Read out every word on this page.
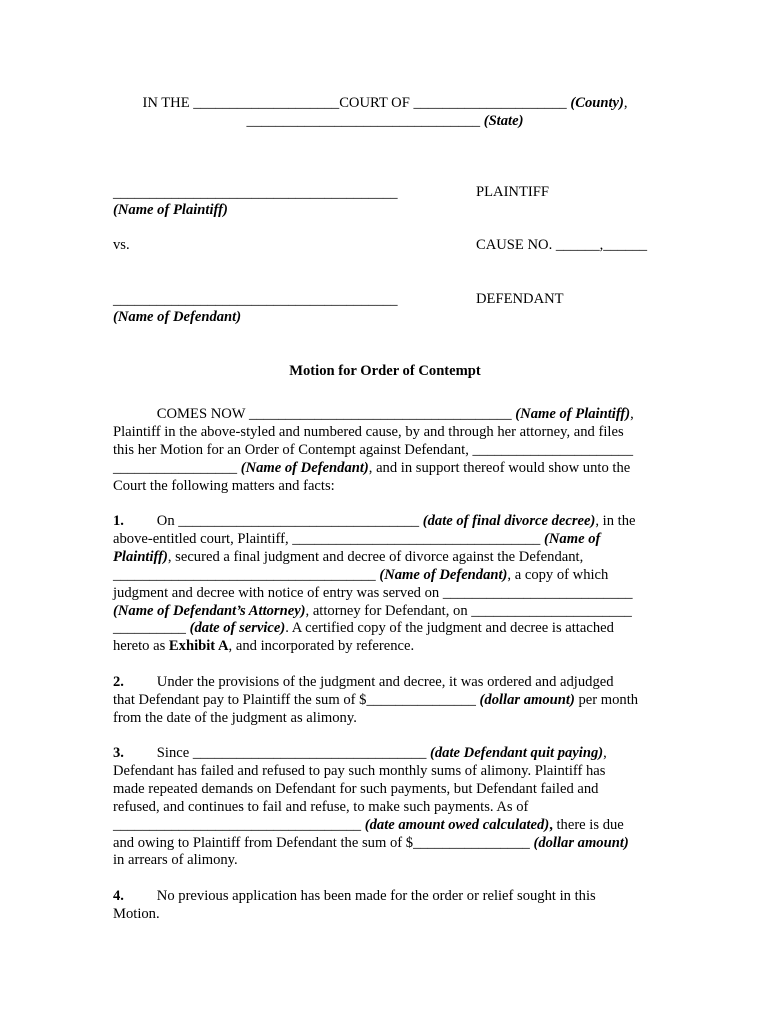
IN THE ____________________COURT OF _____________________ (County),
________________________________ (State)
_______________________________________	PLAINTIFF
(Name of Plaintiff)
vs.	CAUSE NO. ______,______
_______________________________________	DEFENDANT
(Name of Defendant)
Motion for Order of Contempt
COMES NOW ____________________________________ (Name of Plaintiff),
Plaintiff in the above-styled and numbered cause, by and through her attorney, and files
this her Motion for an Order of Contempt against Defendant, ______________________
_________________ (Name of Defendant), and in support thereof would show unto the
Court the following matters and facts:
1.         On _________________________________ (date of final divorce decree), in the
above-entitled court, Plaintiff, __________________________________ (Name of
Plaintiff), secured a final judgment and decree of divorce against the Defendant,
____________________________________ (Name of Defendant), a copy of which
judgment and decree with notice of entry was served on __________________________
(Name of Defendant’s Attorney), attorney for Defendant, on ______________________
__________ (date of service). A certified copy of the judgment and decree is attached
hereto as Exhibit A, and incorporated by reference.
2.         Under the provisions of the judgment and decree, it was ordered and adjudged
that Defendant pay to Plaintiff the sum of $_______________ (dollar amount) per month
from the date of the judgment as alimony.
3.         Since ________________________________ (date Defendant quit paying),
Defendant has failed and refused to pay such monthly sums of alimony. Plaintiff has
made repeated demands on Defendant for such payments, but Defendant failed and
refused, and continues to fail and refuse, to make such payments. As of
__________________________________ (date amount owed calculated), there is due
and owing to Plaintiff from Defendant the sum of $________________ (dollar amount)
in arrears of alimony.
4.         No previous application has been made for the order or relief sought in this
Motion.
